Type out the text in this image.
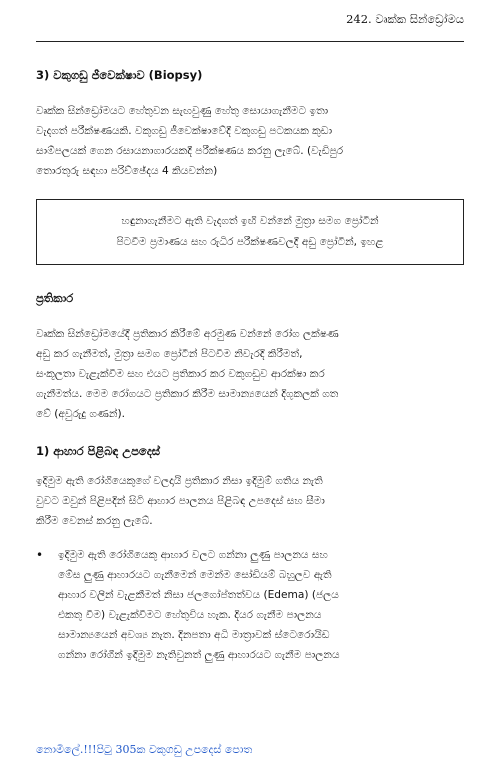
242. වෘක්ක සින්ඩ්‍රෝමය
3) වකුගඩු ජීවෙක්ෂාව (Biopsy)

වෘක්ක සින්ඩ්‍රෝමයට හේතුවන සැඟවුණු හේතු සොයාගැනීමට ඉතා
වැදගත් පරීක්ෂණයකි. වකුගඩු ජීවෙක්ෂාවේදී වකුගඩු පටකයක කුඩා
සාම්පලයක් ගෙන රසායනාගාරයකදී පරීක්ෂණය කරනු ලැබේ. (වැඩිපුර
තොරතුරු සඳහා පරිච්ඡේදය 4 කියවන්න)

හඳුනාගැනීමට ඇති වැදගත් ඉඟි වන්නේ මුත්‍රා සමග ප්‍රෝටීන්
පිටවීම ප්‍රමාණය සහ රුධිර පරීක්ෂණවලදී අඩු ප්‍රෝටීන්, ඉහළ
ප්‍රතිකාර

වෘක්ක සින්ඩ්‍රෝමයේදී ප්‍රතිකාර කිරීමේ අරමුණ වන්නේ රෝග ලක්ෂණ
අඩු කර ගැනීමත්, මුත්‍රා සමග ප්‍රෝටීන් පිටවීම නිවැරදි කිරීමත්,
සංකූලතා වැළැක්වීම සහ එයට ප්‍රතිකාර කර වකුගඩුව ආරක්ෂා කර
ගැනීමත්ය. මෙම රෝගයට ප්‍රතිකාර කිරීම සාමාන්‍යයෙන් දිගුකලක් ගත
වේ (අවුරුදු ගණන්).

1) ආහාර පිළිබඳ උපදෙස්

ඉදිමුම ඇති රෝගියෙකුගේ වලදායි ප්‍රතිකාර නිසා ඉදිමුම් ගතිය නැති
වුවට ඔවුන් පිළිපදින් සිටි ආහාර පාලනය පිළිබඳ උපදෙස් සහ සීමා
කිරීම වෙනස් කරනු ලැබේ.

•	ඉදිමුම ඇති රෝගියෙකු ආහාර වලට ගන්නා ලුණු පාලනය සහ
මේස ලුණු ආහාරයට ගැනීමෙන් මෙන්ම සෝඩියම් බහුලව ඇති
ආහාර වලින් වැළකීමත් නිසා ජලගෝප්තත්වය (Edema) (ජලය
එකතු වීම) වැළැක්වීමට හේතුවිය හැක. දියර ගැනීම පාලනය
සාමාන්‍යයෙන් අවශ්‍ය නැත. දිනපතා අධි මාත්‍රාවක් ස්ටෙරොයිඩ
ගන්නා රෝගීන් ඉදිමුම නැතිවුනත් ලුණු ආහාරයට ගැනීම පාලනය
නොමිලේ.!!!පිටු 305ක වකුගඩු උපදෙස් පොත
